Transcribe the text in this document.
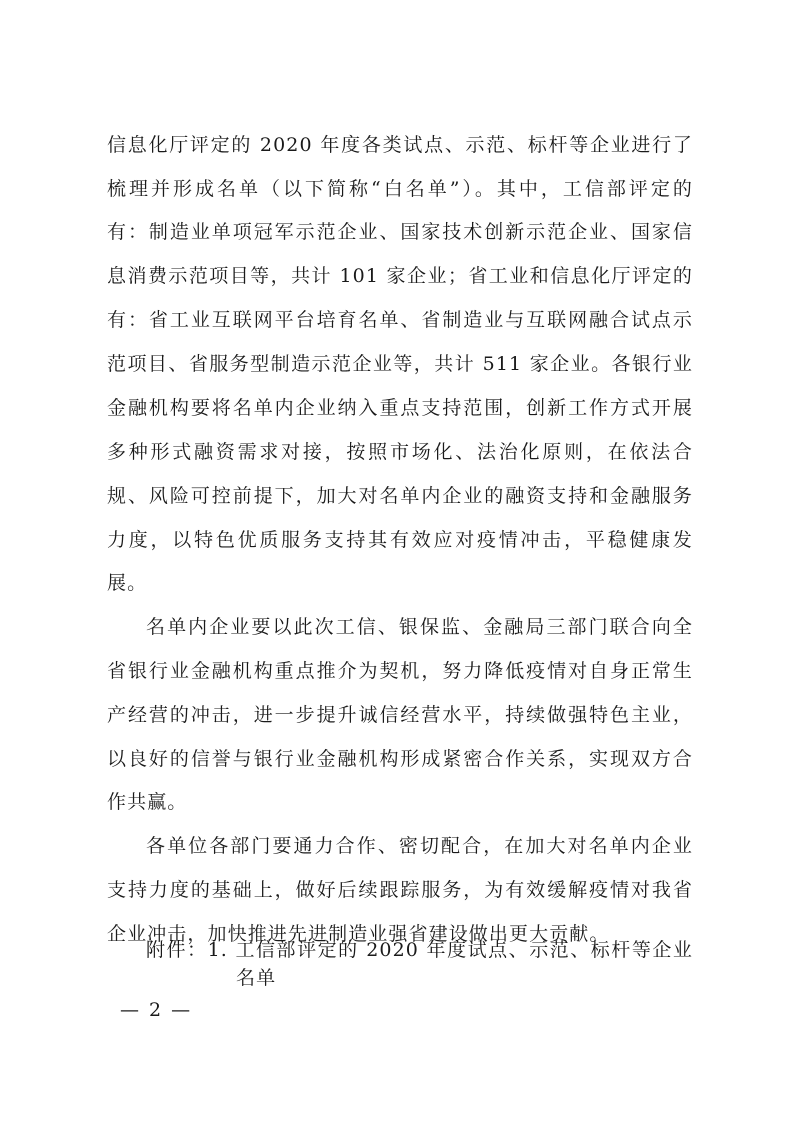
信息化厅评定的 2020 年度各类试点、示范、标杆等企业进行了
梳理并形成名单（以下简称“白名单”）。其中，工信部评定的
有：制造业单项冠军示范企业、国家技术创新示范企业、国家信
息消费示范项目等，共计 101 家企业；省工业和信息化厅评定的
有：省工业互联网平台培育名单、省制造业与互联网融合试点示
范项目、省服务型制造示范企业等，共计 511 家企业。各银行业
金融机构要将名单内企业纳入重点支持范围，创新工作方式开展
多种形式融资需求对接，按照市场化、法治化原则，在依法合
规、风险可控前提下，加大对名单内企业的融资支持和金融服务
力度，以特色优质服务支持其有效应对疫情冲击，平稳健康发
展。
名单内企业要以此次工信、银保监、金融局三部门联合向全
省银行业金融机构重点推介为契机，努力降低疫情对自身正常生
产经营的冲击，进一步提升诚信经营水平，持续做强特色主业，
以良好的信誉与银行业金融机构形成紧密合作关系，实现双方合
作共赢。
各单位各部门要通力合作、密切配合，在加大对名单内企业
支持力度的基础上，做好后续跟踪服务，为有效缓解疫情对我省
企业冲击，加快推进先进制造业强省建设做出更大贡献。
附件：1. 工信部评定的 2020 年度试点、示范、标杆等企业
名单
— 2 —
